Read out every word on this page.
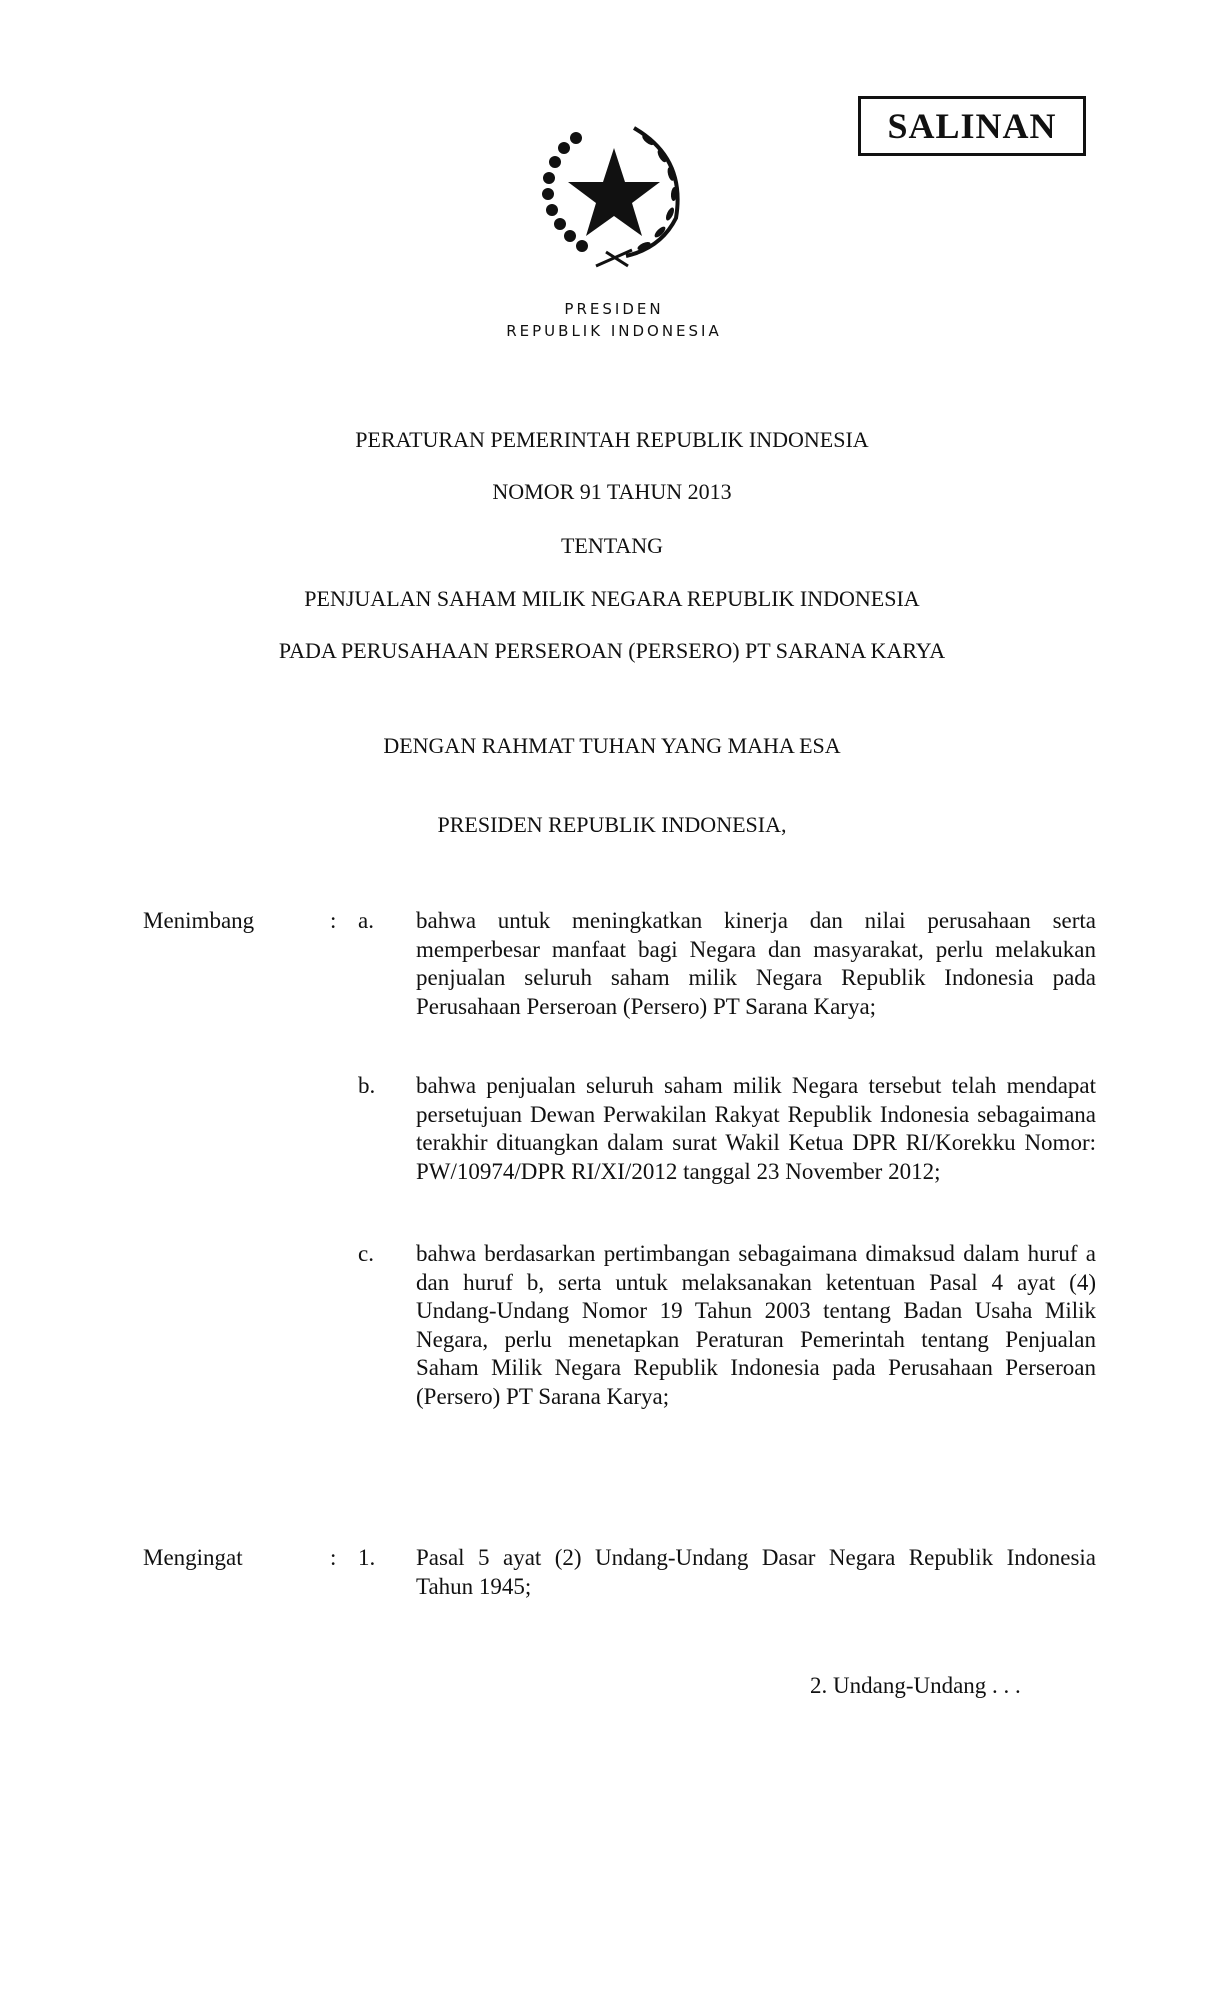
SALINAN
PRESIDEN
REPUBLIK INDONESIA
PERATURAN PEMERINTAH REPUBLIK INDONESIA
NOMOR 91 TAHUN 2013
TENTANG
PENJUALAN SAHAM MILIK NEGARA REPUBLIK INDONESIA
PADA PERUSAHAAN PERSEROAN (PERSERO) PT SARANA KARYA
DENGAN RAHMAT TUHAN YANG MAHA ESA
PRESIDEN REPUBLIK INDONESIA,
Menimbang	: a. bahwa untuk meningkatkan kinerja dan nilai perusahaan serta memperbesar manfaat bagi Negara dan masyarakat, perlu melakukan penjualan seluruh saham milik Negara Republik Indonesia pada Perusahaan Perseroan (Persero) PT Sarana Karya;
b. bahwa penjualan seluruh saham milik Negara tersebut telah mendapat persetujuan Dewan Perwakilan Rakyat Republik Indonesia sebagaimana terakhir dituangkan dalam surat Wakil Ketua DPR RI/Korekku Nomor: PW/10974/DPR RI/XI/2012 tanggal 23 November 2012;
c. bahwa berdasarkan pertimbangan sebagaimana dimaksud dalam huruf a dan huruf b, serta untuk melaksanakan ketentuan Pasal 4 ayat (4) Undang-Undang Nomor 19 Tahun 2003 tentang Badan Usaha Milik Negara, perlu menetapkan Peraturan Pemerintah tentang Penjualan Saham Milik Negara Republik Indonesia pada Perusahaan Perseroan (Persero) PT Sarana Karya;
Mengingat	: 1. Pasal 5 ayat (2) Undang-Undang Dasar Negara Republik Indonesia Tahun 1945;
2. Undang-Undang . . .
